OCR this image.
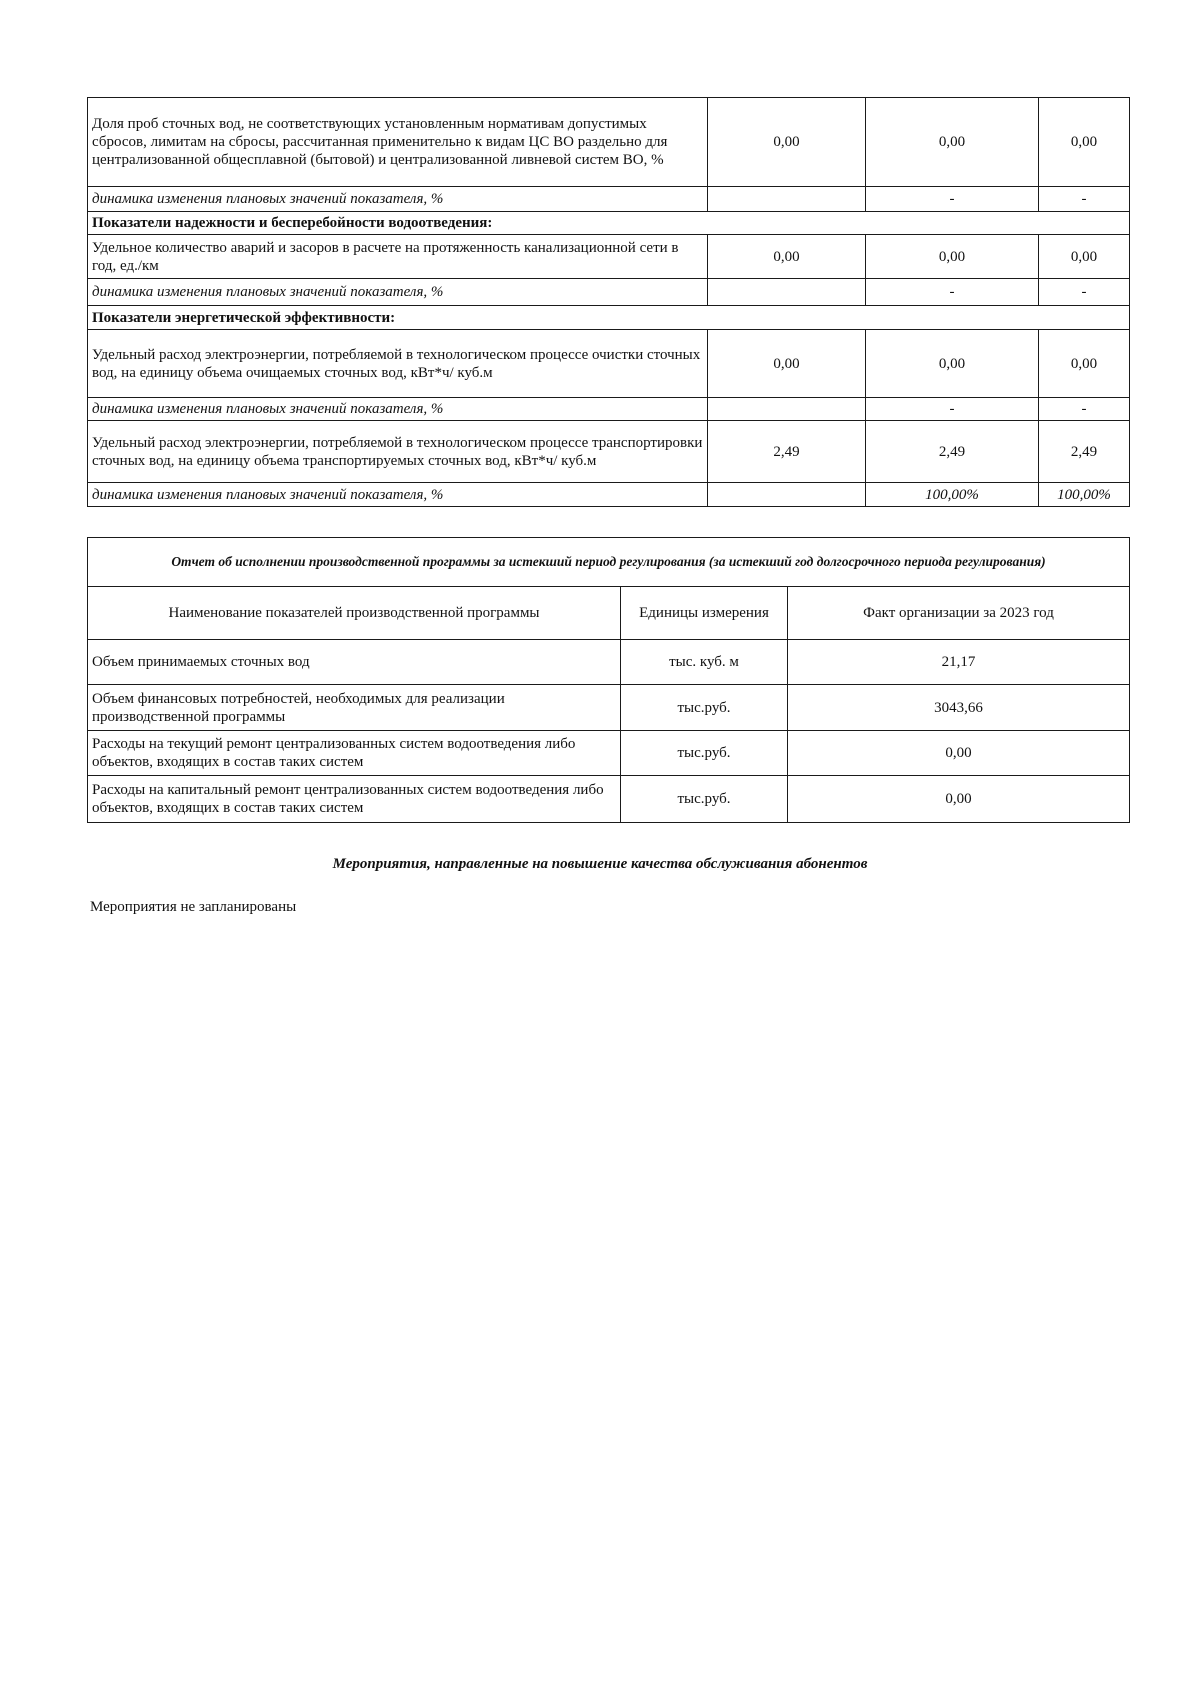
Доля проб сточных вод, не соответствующих установленным нормативам допустимых сбросов, лимитам на сбросы, рассчитанная применительно к видам ЦС ВО раздельно для централизованной общесплавной (бытовой) и централизованной ливневой систем ВО, %	0,00	0,00	0,00
динамика изменения плановых значений показателя, %		-	-
Показатели надежности и бесперебойности водоотведения:			
Удельное количество аварий и засоров в расчете на протяженность канализационной сети в год, ед./км	0,00	0,00	0,00
динамика изменения плановых значений показателя, %		-	-
Показатели энергетической эффективности:			
Удельный расход электроэнергии, потребляемой в технологическом процессе очистки сточных вод, на единицу объема очищаемых сточных вод, кВт*ч/ куб.м	0,00	0,00	0,00
динамика изменения плановых значений показателя, %		-	-
Удельный расход электроэнергии, потребляемой в технологическом процессе транспортировки сточных вод, на единицу объема транспортируемых сточных вод, кВт*ч/ куб.м	2,49	2,49	2,49
динамика изменения плановых значений показателя, %		100,00%	100,00%
Отчет об исполнении производственной программы за истекший период регулирования (за истекший год долгосрочного периода регулирования)		
Наименование показателей производственной программы	Единицы измерения	Факт организации за 2023 год
Объем принимаемых сточных вод	тыс. куб. м	21,17
Объем финансовых потребностей, необходимых для реализации производственной программы	тыс.руб.	3043,66
Расходы на текущий ремонт централизованных систем водоотведения либо объектов, входящих в состав таких систем	тыс.руб.	0,00
Расходы на капитальный ремонт централизованных систем водоотведения либо объектов, входящих в состав таких систем	тыс.руб.	0,00
Мероприятия, направленные на повышение качества обслуживания абонентов
Мероприятия не запланированы
